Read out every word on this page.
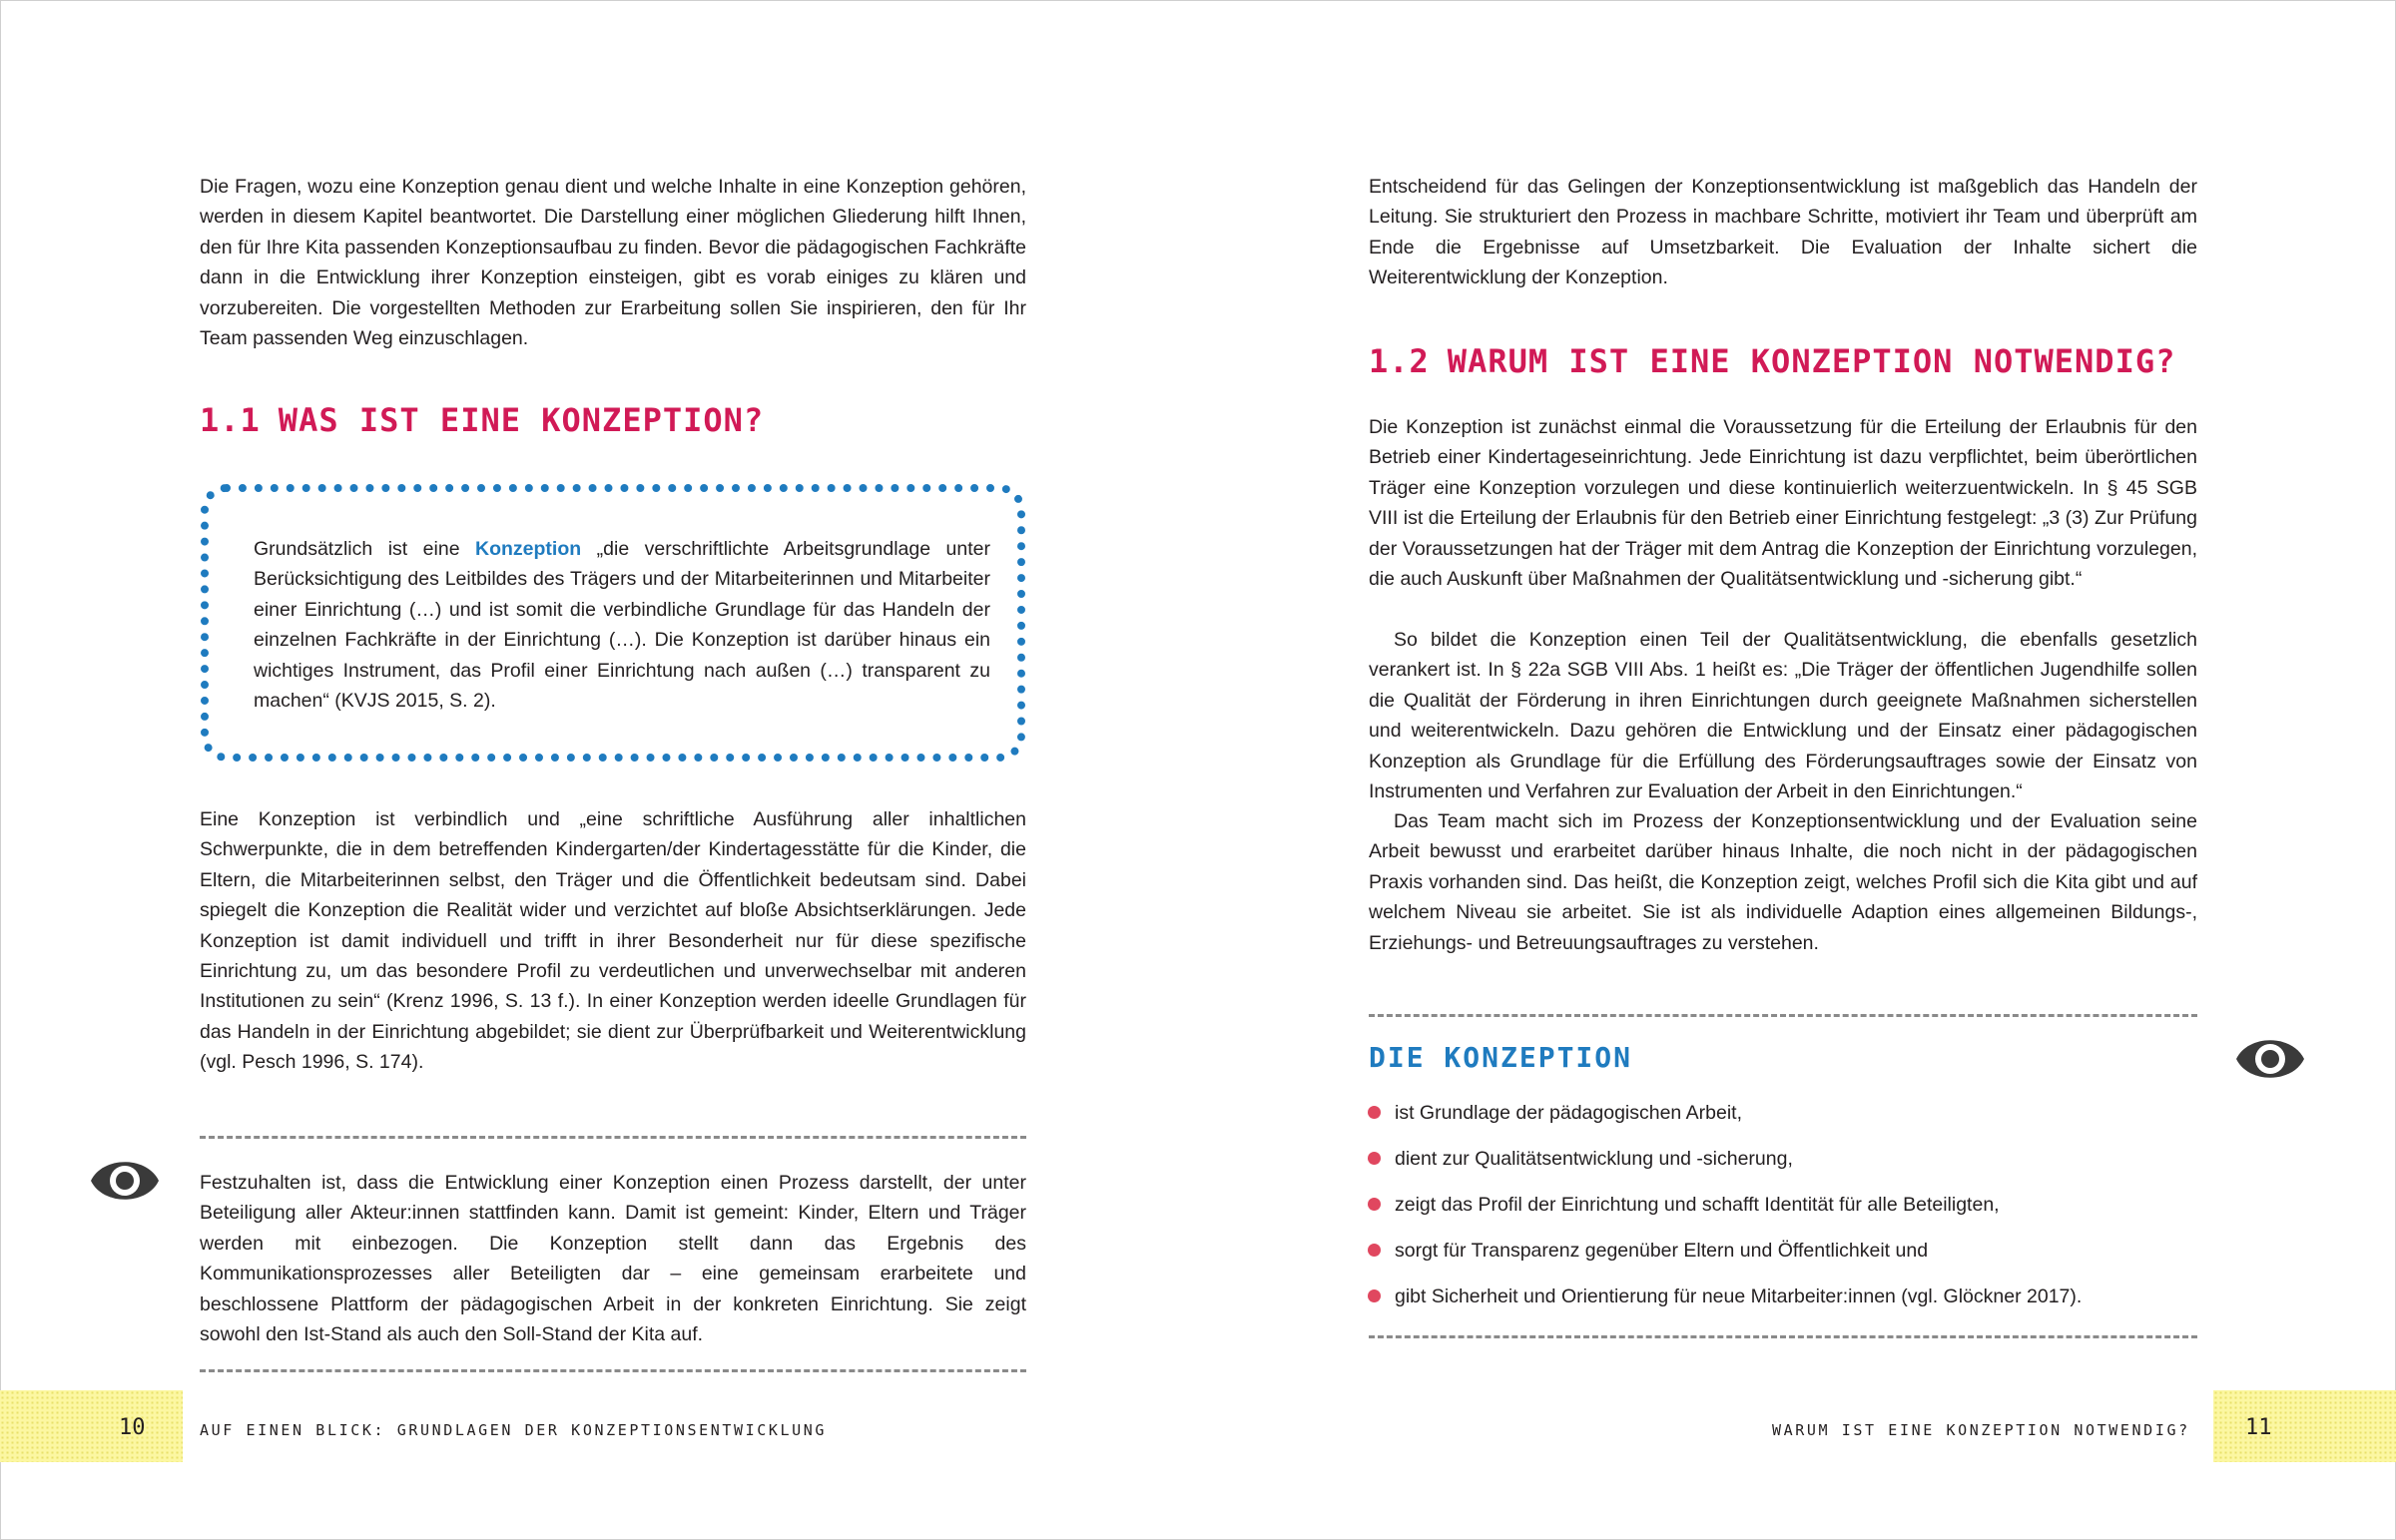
Die Fragen, wozu eine Konzeption genau dient und welche Inhalte in eine Konzeption gehören, werden in diesem Kapitel beantwortet. Die Darstellung einer möglichen Gliederung hilft Ihnen, den für Ihre Kita passenden Konzeptionsaufbau zu finden. Bevor die pädagogischen Fachkräfte dann in die Entwicklung ihrer Konzeption einsteigen, gibt es vorab einiges zu klären und vorzubereiten. Die vorgestellten Methoden zur Erarbeitung sollen Sie inspirieren, den für Ihr Team passenden Weg einzuschlagen.

1.1 WAS IST EINE KONZEPTION?

Grundsätzlich ist eine Konzeption „die verschriftlichte Arbeitsgrundlage unter Berücksichtigung des Leitbildes des Trägers und der Mitarbeiterinnen und Mitarbeiter einer Einrichtung (…) und ist somit die verbindliche Grundlage für das Handeln der einzelnen Fachkräfte in der Einrichtung (…). Die Konzeption ist darüber hinaus ein wichtiges Instrument, das Profil einer Einrichtung nach außen (…) transparent zu machen“ (KVJS 2015, S. 2).

Eine Konzeption ist verbindlich und „eine schriftliche Ausführung aller inhaltlichen Schwerpunkte, die in dem betreffenden Kindergarten/der Kindertagesstätte für die Kinder, die Eltern, die Mitarbeiterinnen selbst, den Träger und die Öffentlichkeit bedeutsam sind. Dabei spiegelt die Konzeption die Realität wider und verzichtet auf bloße Absichtserklärungen. Jede Konzeption ist damit individuell und trifft in ihrer Besonderheit nur für diese spezifische Einrichtung zu, um das besondere Profil zu verdeutlichen und unverwechselbar mit anderen Institutionen zu sein“ (Krenz 1996, S. 13 f.). In einer Konzeption werden ideelle Grundlagen für das Handeln in der Einrichtung abgebildet; sie dient zur Überprüfbarkeit und Weiterentwicklung (vgl. Pesch 1996, S. 174).

Festzuhalten ist, dass die Entwicklung einer Konzeption einen Prozess darstellt, der unter Beteiligung aller Akteur:innen stattfinden kann. Damit ist gemeint: Kinder, Eltern und Träger werden mit einbezogen. Die Konzeption stellt dann das Ergebnis des Kommunikationsprozesses aller Beteiligten dar – eine gemeinsam erarbeitete und beschlossene Plattform der pädagogischen Arbeit in der konkreten Einrichtung. Sie zeigt sowohl den Ist-Stand als auch den Soll-Stand der Kita auf.

10	AUF EINEN BLICK: GRUNDLAGEN DER KONZEPTIONSENTWICKLUNG

Entscheidend für das Gelingen der Konzeptionsentwicklung ist maßgeblich das Handeln der Leitung. Sie strukturiert den Prozess in machbare Schritte, motiviert ihr Team und überprüft am Ende die Ergebnisse auf Umsetzbarkeit. Die Evaluation der Inhalte sichert die Weiterentwicklung der Konzeption.

1.2 WARUM IST EINE KONZEPTION NOTWENDIG?

Die Konzeption ist zunächst einmal die Voraussetzung für die Erteilung der Erlaubnis für den Betrieb einer Kindertageseinrichtung. Jede Einrichtung ist dazu verpflichtet, beim überörtlichen Träger eine Konzeption vorzulegen und diese kontinuierlich weiterzuentwickeln. In § 45 SGB VIII ist die Erteilung der Erlaubnis für den Betrieb einer Einrichtung festgelegt: „3 (3) Zur Prüfung der Voraussetzungen hat der Träger mit dem Antrag die Konzeption der Einrichtung vorzulegen, die auch Auskunft über Maßnahmen der Qualitätsentwicklung und -sicherung gibt.“

So bildet die Konzeption einen Teil der Qualitätsentwicklung, die ebenfalls gesetzlich verankert ist. In § 22a SGB VIII Abs. 1 heißt es: „Die Träger der öffentlichen Jugendhilfe sollen die Qualität der Förderung in ihren Einrichtungen durch geeignete Maßnahmen sicherstellen und weiterentwickeln. Dazu gehören die Entwicklung und der Einsatz einer pädagogischen Konzeption als Grundlage für die Erfüllung des Förderungsauftrages sowie der Einsatz von Instrumenten und Verfahren zur Evaluation der Arbeit in den Einrichtungen.“

Das Team macht sich im Prozess der Konzeptionsentwicklung und der Evaluation seine Arbeit bewusst und erarbeitet darüber hinaus Inhalte, die noch nicht in der pädagogischen Praxis vorhanden sind. Das heißt, die Konzeption zeigt, welches Profil sich die Kita gibt und auf welchem Niveau sie arbeitet. Sie ist als individuelle Adaption eines allgemeinen Bildungs-, Erziehungs- und Betreuungsauftrages zu verstehen.

DIE KONZEPTION
11
WARUM IST EINE KONZEPTION NOTWENDIG?
ist Grundlage der pädagogischen Arbeit,
dient zur Qualitätsentwicklung und -sicherung,
zeigt das Profil der Einrichtung und schafft Identität für alle Beteiligten,
sorgt für Transparenz gegenüber Eltern und Öffentlichkeit und
gibt Sicherheit und Orientierung für neue Mitarbeiter:innen (vgl. Glöckner 2017).
